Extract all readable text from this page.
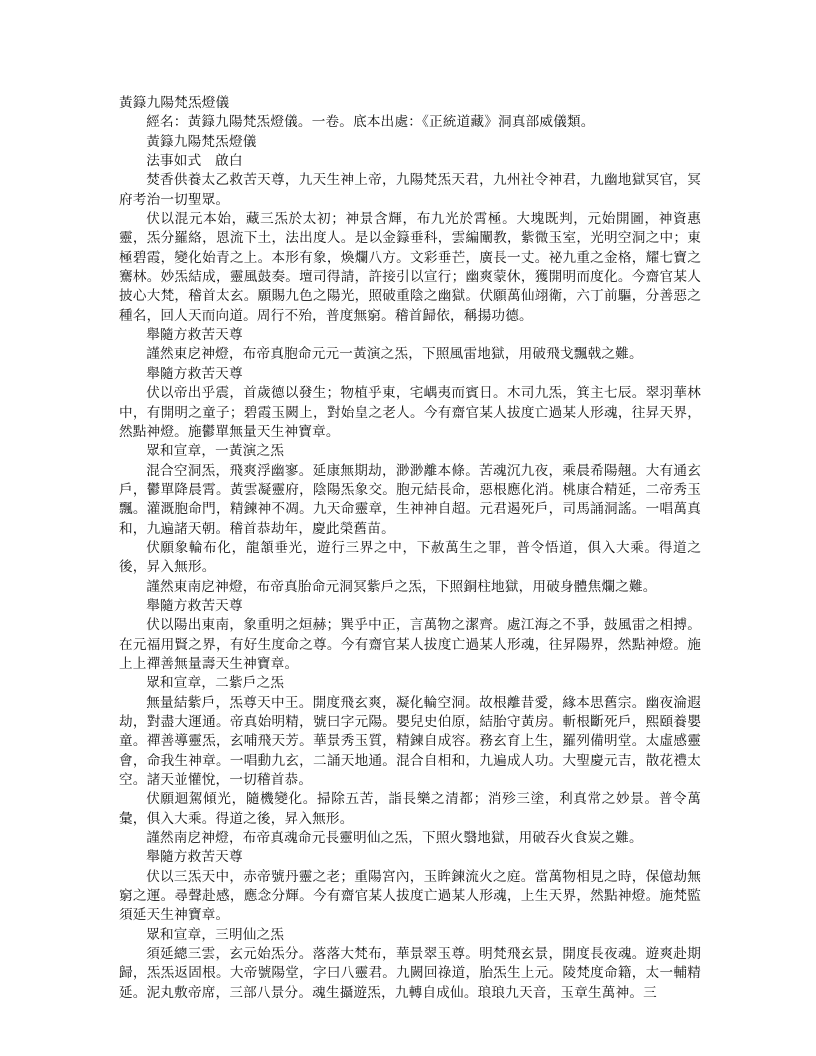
黃籙九陽梵炁燈儀

經名：黃籙九陽梵炁燈儀。一卷。底本出處：《正統道藏》洞真部威儀類。

黃籙九陽梵炁燈儀

法事如式　啟白

焚香供養太乙救苦天尊，九天生神上帝，九陽梵炁天君，九州社令神君，九幽地獄冥官，冥府考治一切聖眾。

伏以混元本始，藏三炁於太初；神景含輝，布九光於霄極。大塊既判，元始開圖，神資惠靈，炁分羅絡，恩流下土，法出度人。是以金籙垂科，雲編闡教，紫微玉室，光明空洞之中；東極碧霞，變化始青之上。本形有象，煥爛八方。文彩垂芒，廣長一丈。祕九重之金格，耀七寶之騫林。妙炁結成，靈風鼓奏。壇司得請，許接引以宣行；幽爽蒙休，獲開明而度化。今齋官某人披心大梵，稽首太玄。願賜九色之陽光，照破重陰之幽獄。伏願萬仙翊衛，六丁前驅，分善惡之種名，回人天而向道。周行不殆，普度無窮。稽首歸依，稱揚功德。

舉隨方救苦天尊

謹然東戹神燈，布帝真胞命元元一黃演之炁，下照風雷地獄，用破飛戈飄戟之難。

舉隨方救苦天尊

伏以帝出乎震，首歲德以發生；物植乎東，宅嵎夷而賓日。木司九炁，箕主七辰。翠羽華林中，有開明之童子；碧霞玉闕上，對始皇之老人。今有齋官某人拔度亡過某人形魂，往昇天界，然點神燈。施鬱單無量天生神寶章。

眾和宣章，一黃演之炁

混合空洞炁，飛爽浮幽寥。延康無期劫，渺渺離本條。苦魂沉九夜，乘晨希陽翹。大有通玄戶，鬱單降晨霄。黃雲凝靈府，陰陽炁象交。胞元結長命，惡根應化消。桃康合精延，二帝秀玉飄。灌溉胞命門，精鍊神不凋。九天命靈章，生神神自超。元君遏死戶，司馬誦洞謠。一唱萬真和，九遍諸天朝。稽首恭劫年，慶此榮舊苗。

伏願象輪布化，龍頷垂光，遊行三界之中，下赦萬生之罪，普令悟道，俱入大乘。得道之後，昇入無形。

謹然東南戹神燈，布帝真胎命元洞冥紫戶之炁，下照銅柱地獄，用破身體焦爛之難。

舉隨方救苦天尊

伏以陽出東南，象重明之烜赫；巽乎中正，言萬物之潔齊。處江海之不爭，鼓風雷之相搏。在元福用賢之界，有好生度命之尊。今有齋官某人拔度亡過某人形魂，往昇陽界，然點神燈。施上上禪善無量壽天生神寶章。

眾和宣章，二紫戶之炁

無量結紫戶，炁尊天中王。開度飛玄爽，凝化輪空洞。故根離昔愛，緣本思舊宗。幽夜淪遐劫，對盡大運通。帝真始明精，號曰字元陽。嬰兒史伯原，結胎守黃房。斬根斷死戶，熙頤養嬰童。禪善導靈炁，玄哺飛天芳。華景秀玉質，精鍊自成容。務玄育上生，羅列備明堂。太虛感靈會，命我生神章。一唱動九玄，二誦天地通。混合自相和，九遍成人功。大聖慶元吉，散花禮太空。諸天並懽悅，一切稽首恭。

伏願迴駕傾光，隨機變化。掃除五苦，詣長樂之清都；消殄三塗，利真常之妙景。普令萬彙，俱入大乘。得道之後，昇入無形。

謹然南戹神燈，布帝真魂命元長靈明仙之炁，下照火翳地獄，用破吞火食炭之難。

舉隨方救苦天尊

伏以三炁天中，赤帝號丹靈之老；重陽宮內，玉眸鍊流火之庭。當萬物相見之時，保億劫無窮之運。尋聲赴感，應念分輝。今有齋官某人拔度亡過某人形魂，上生天界，然點神燈。施梵監須延天生神寶章。

眾和宣章，三明仙之炁

須延總三雲，玄元始炁分。落落大梵布，華景翠玉尊。明梵飛玄景，開度長夜魂。遊爽赴期歸，炁炁返固根。大帝號陽堂，字曰八靈君。九闕回祿道，胎炁生上元。陵梵度命籍，太一輔精延。泥丸敷帝席，三部八景分。魂生攝遊炁，九轉自成仙。琅琅九天音，玉章生萬神。三
